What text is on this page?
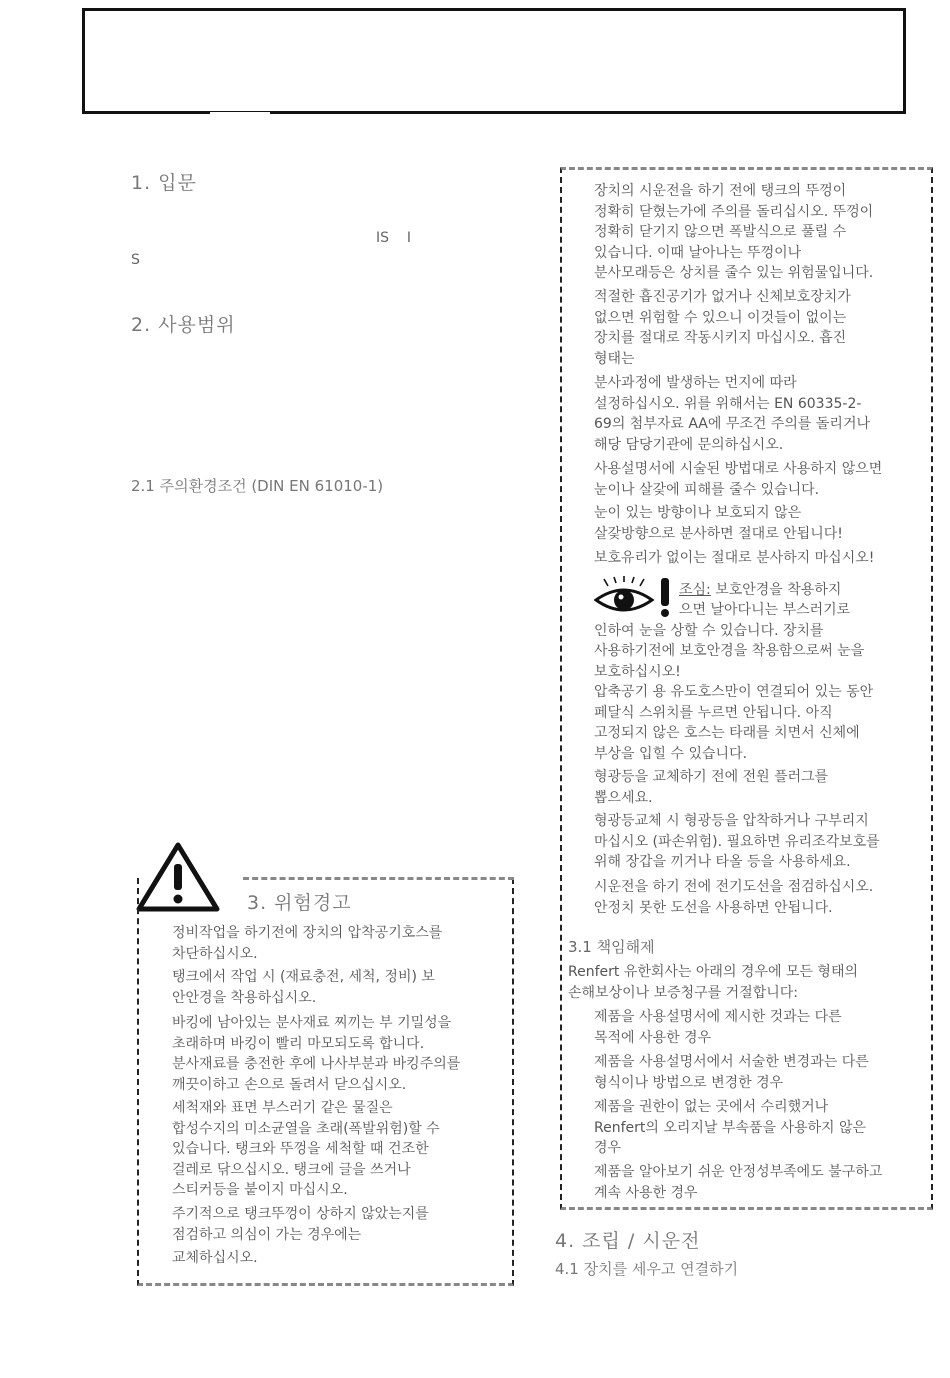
1. 입문
IS    I
S
2. 사용범위
2.1 주의환경조건 (DIN EN 61010-1)
3. 위험경고
정비작업을 하기전에 장치의 압착공기호스를
차단하십시오.
탱크에서 작업 시 (재료충전, 세척, 정비) 보
안안경을 착용하십시오.
바킹에 남아있는 분사재료 찌끼는 부 기밀성을
초래하며 바킹이 빨리 마모되도록 합니다.
분사재료를 충전한 후에 나사부분과 바킹주의를
깨끗이하고 손으로 돌려서 닫으십시오.
세척재와 표면 부스러기 같은 물질은
합성수지의 미소균열을 초래(폭발위험)할 수
있습니다. 탱크와 뚜껑을 세척할 때 건조한
걸레로 닦으십시오. 탱크에 글을 쓰거나
스티커등을 붙이지 마십시오.
주기적으로 탱크뚜껑이 상하지 않았는지를
점검하고 의심이 가는 경우에는
교체하십시오.
장치의 시운전을 하기 전에 탱크의 뚜껑이
정확히 닫혔는가에 주의를 돌리십시오. 뚜껑이
정확히 닫기지 않으면 폭발식으로 풀릴 수
있습니다. 이때 날아나는 뚜껑이나
분사모래등은 상치를 줄수 있는 위험물입니다.
적절한 흡진공기가 없거나 신체보호장치가
없으면 위험할 수 있으니 이것들이 없이는
장치를 절대로 작동시키지 마십시오. 흡진
형태는
분사과정에 발생하는 먼지에 따라
설정하십시오. 위를 위해서는 EN 60335-2-
69의 첨부자료 AA에 무조건 주의를 돌리거나
해당 담당기관에 문의하십시오.
사용설명서에 시술된 방법대로 사용하지 않으면
눈이나 살갗에 피해를 줄수 있습니다.
눈이 있는 방향이나 보호되지 않은
살갗방향으로 분사하면 절대로 안됩니다!
보호유리가 없이는 절대로 분사하지 마십시오!
조심: 보호안경을 착용하지
으면 날아다니는 부스러기로
인하여 눈을 상할 수 있습니다. 장치를
사용하기전에 보호안경을 착용함으로써 눈을
보호하십시오!
압축공기 용 유도호스만이 연결되어 있는 동안
페달식 스위치를 누르면 안됩니다. 아직
고정되지 않은 호스는 타래를 치면서 신체에
부상을 입힐 수 있습니다.
형광등을 교체하기 전에 전원 플러그를
뽑으세요.
형광등교체 시 형광등을 압착하거나 구부리지
마십시오 (파손위험). 필요하면 유리조각보호를
위해 장갑을 끼거나 타올 등을 사용하세요.
시운전을 하기 전에 전기도선을 점검하십시오.
안정치 못한 도선을 사용하면 안됩니다.
3.1 책임해제
Renfert 유한회사는 아래의 경우에 모든 형태의
손해보상이나 보증청구를 거절합니다:
제품을 사용설명서에 제시한 것과는 다른
목적에 사용한 경우
제품을 사용설명서에서 서술한 변경과는 다른
형식이나 방법으로 변경한 경우
제품을 권한이 없는 곳에서 수리했거나
Renfert의 오리지날 부속품을 사용하지 않은
경우
제품을 알아보기 쉬운 안정성부족에도 불구하고
계속 사용한 경우
4. 조립 / 시운전
4.1 장치를 세우고 연결하기
